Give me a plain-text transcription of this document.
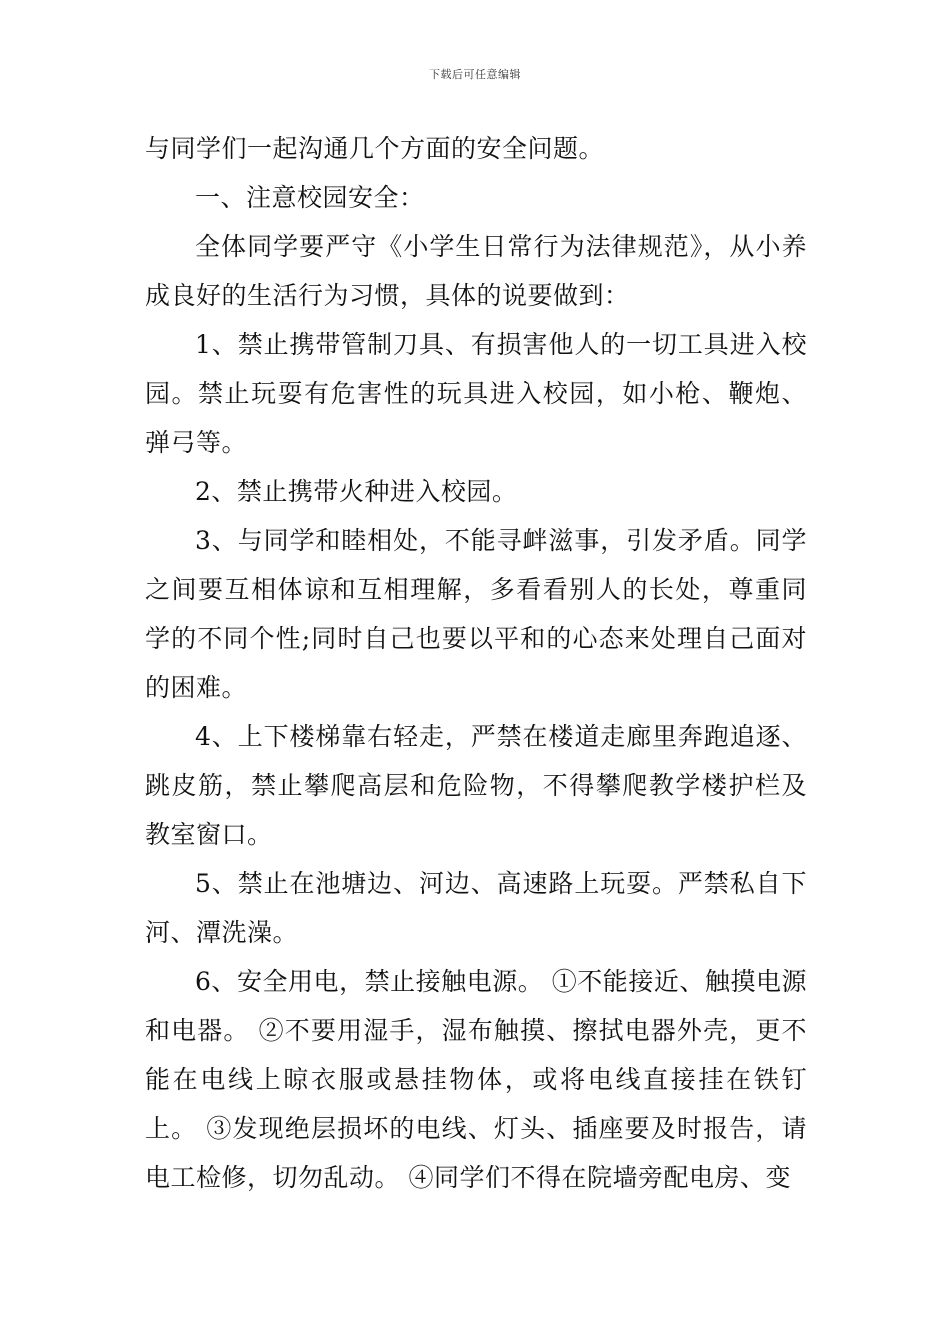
下载后可任意编辑

与同学们一起沟通几个方面的安全问题。

一、注意校园安全：

全体同学要严守《小学生日常行为法律规范》，从小养成良好的生活行为习惯，具体的说要做到：

1、禁止携带管制刀具、有损害他人的一切工具进入校园。禁止玩耍有危害性的玩具进入校园，如小枪、鞭炮、弹弓等。

2、禁止携带火种进入校园。

3、与同学和睦相处，不能寻衅滋事，引发矛盾。同学之间要互相体谅和互相理解，多看看别人的长处，尊重同学的不同个性;同时自己也要以平和的心态来处理自己面对的困难。

4、上下楼梯靠右轻走，严禁在楼道走廊里奔跑追逐、跳皮筋，禁止攀爬高层和危险物，不得攀爬教学楼护栏及教室窗口。

5、禁止在池塘边、河边、高速路上玩耍。严禁私自下河、潭洗澡。

6、安全用电，禁止接触电源。 ①不能接近、触摸电源和电器。 ②不要用湿手，湿布触摸、擦拭电器外壳，更不能在电线上晾衣服或悬挂物体，或将电线直接挂在铁钉上。 ③发现绝层损坏的电线、灯头、插座要及时报告，请电工检修，切勿乱动。 ④同学们不得在院墙旁配电房、变
